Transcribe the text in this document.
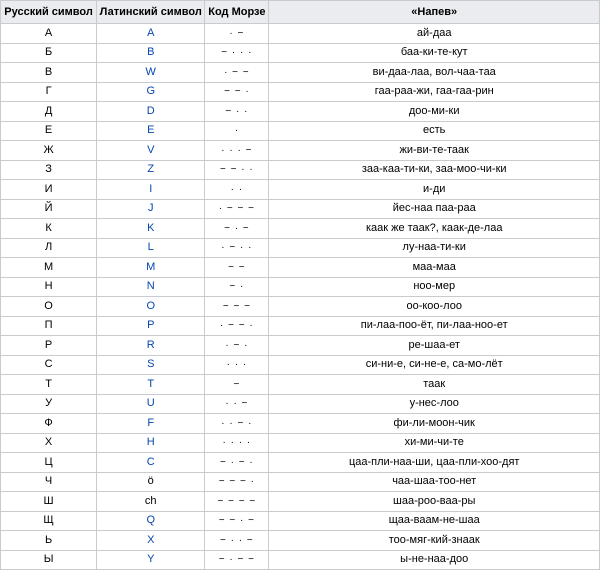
Русский символ	Латинский символ	Код Морзе	«Напев»
А	A	· −	ай-даа
Б	B	− · · ·	баа-ки-те-кут
В	W	· − −	ви-даа-лаа, вол-чаа-таа
Г	G	− − ·	гаа-раа-жи, гаа-гаа-рин
Д	D	− · ·	доо-ми-ки
Е	E	·	есть
Ж	V	· · · −	жи-ви-те-таак
З	Z	− − · ·	заа-каа-ти-ки, заа-моо-чи-ки
И	I	· ·	и-ди
Й	J	· − − −	йес-наа паа-раа
К	K	− · −	каак же таак?, каак-де-лаа
Л	L	· − · ·	лу-наа-ти-ки
М	M	− −	маа-маа
Н	N	− ·	ноо-мер
О	O	− − −	оо-коо-лоо
П	P	· − − ·	пи-лаа-поо-ёт, пи-лаа-ноо-ет
Р	R	· − ·	ре-шаа-ет
С	S	· · ·	си-ни-е, си-не-е, са-мо-лёт
Т	T	−	таак
У	U	· · −	у-нес-лоо
Ф	F	· · − ·	фи-ли-моон-чик
Х	H	· · · ·	хи-ми-чи-те
Ц	C	− · − ·	цаа-пли-наа-ши, цаа-пли-хоо-дят
Ч	ö	− − − ·	чаа-шаа-тоо-нет
Ш	ch	− − − −	шаа-роо-ваа-ры
Щ	Q	− − · −	щаа-ваам-не-шаа
Ь	X	− · · −	тоо-мяг-кий-знаак
Ы	Y	− · − −	ы-не-наа-доо
